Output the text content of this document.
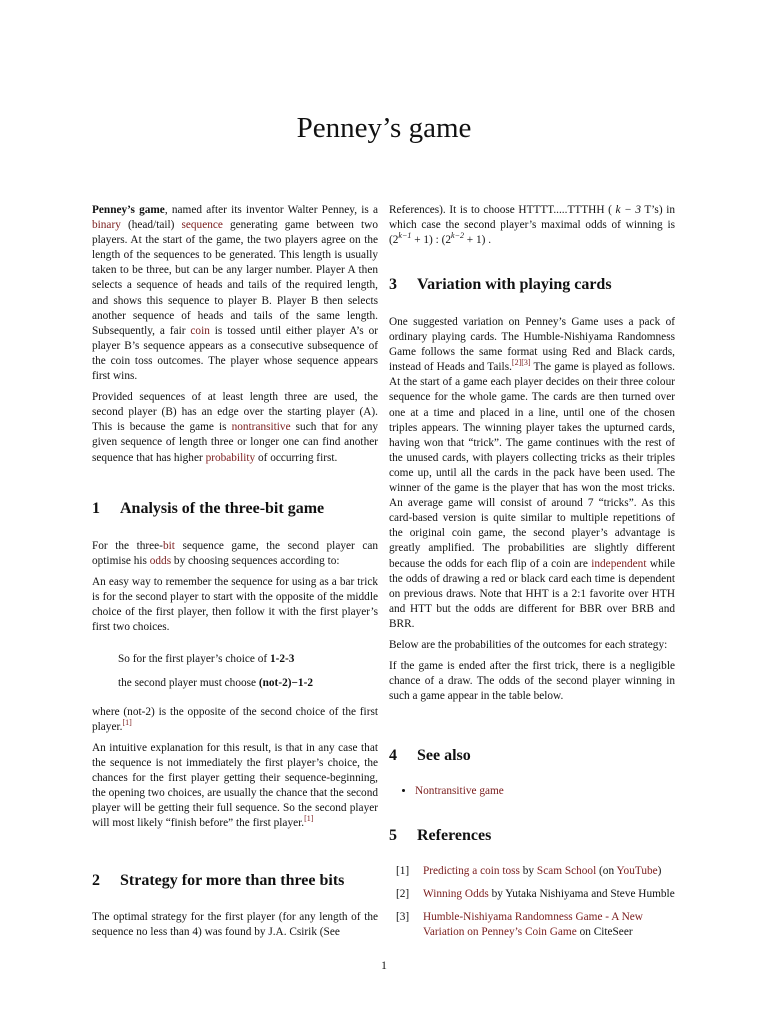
Penney’s game

Penney’s game, named after its inventor Walter Penney, is a binary (head/tail) sequence generating game between two players. At the start of the game, the two players agree on the length of the sequences to be generated. This length is usually taken to be three, but can be any larger number. Player A then selects a sequence of heads and tails of the required length, and shows this sequence to player B. Player B then selects another sequence of heads and tails of the same length. Subsequently, a fair coin is tossed until either player A’s or player B’s sequence appears as a consecutive subsequence of the coin toss outcomes. The player whose sequence appears first wins.

Provided sequences of at least length three are used, the second player (B) has an edge over the starting player (A). This is because the game is nontransitive such that for any given sequence of length three or longer one can find another sequence that has higher probability of occurring first.

1 Analysis of the three-bit game

For the three-bit sequence game, the second player can optimise his odds by choosing sequences according to:

An easy way to remember the sequence for using as a bar trick is for the second player to start with the opposite of the middle choice of the first player, then follow it with the first player’s first two choices.

So for the first player’s choice of 1-2-3

the second player must choose (not-2)−1-2

where (not-2) is the opposite of the second choice of the first player.[1]

An intuitive explanation for this result, is that in any case that the sequence is not immediately the first player’s choice, the chances for the first player getting their sequence-beginning, the opening two choices, are usually the chance that the second player will be getting their full sequence. So the second player will most likely “finish before” the first player.[1]

2 Strategy for more than three bits

The optimal strategy for the first player (for any length of the sequence no less than 4) was found by J.A. Csirik (See

References). It is to choose HTTTT.....TTTHH ( k − 3 T’s) in which case the second player’s maximal odds of winning is $(2^{k-1} + 1)$ : $(2^{k-2} + 1)$ .

3 Variation with playing cards

One suggested variation on Penney’s Game uses a pack of ordinary playing cards. The Humble-Nishiyama Randomness Game follows the same format using Red and Black cards, instead of Heads and Tails.[2][3] The game is played as follows. At the start of a game each player decides on their three colour sequence for the whole game. The cards are then turned over one at a time and placed in a line, until one of the chosen triples appears. The winning player takes the upturned cards, having won that “trick”. The game continues with the rest of the unused cards, with players collecting tricks as their triples come up, until all the cards in the pack have been used. The winner of the game is the player that has won the most tricks. An average game will consist of around 7 “tricks”. As this card-based version is quite similar to multiple repetitions of the original coin game, the second player’s advantage is greatly amplified. The probabilities are slightly different because the odds for each flip of a coin are independent while the odds of drawing a red or black card each time is dependent on previous draws. Note that HHT is a 2:1 favorite over HTH and HTT but the odds are different for BBR over BRB and BRR.

Below are the probabilities of the outcomes for each strategy:

If the game is ended after the first trick, there is a negligible chance of a draw. The odds of the second player winning in such a game appear in the table below.

4 See also
• Nontransitive game
5 References
[1]	Predicting a coin toss by Scam School (on YouTube)
[2]	Winning Odds by Yutaka Nishiyama and Steve Humble
[3]	Humble-Nishiyama Randomness Game - A New Variation on Penney’s Coin Game on CiteSeer
1
